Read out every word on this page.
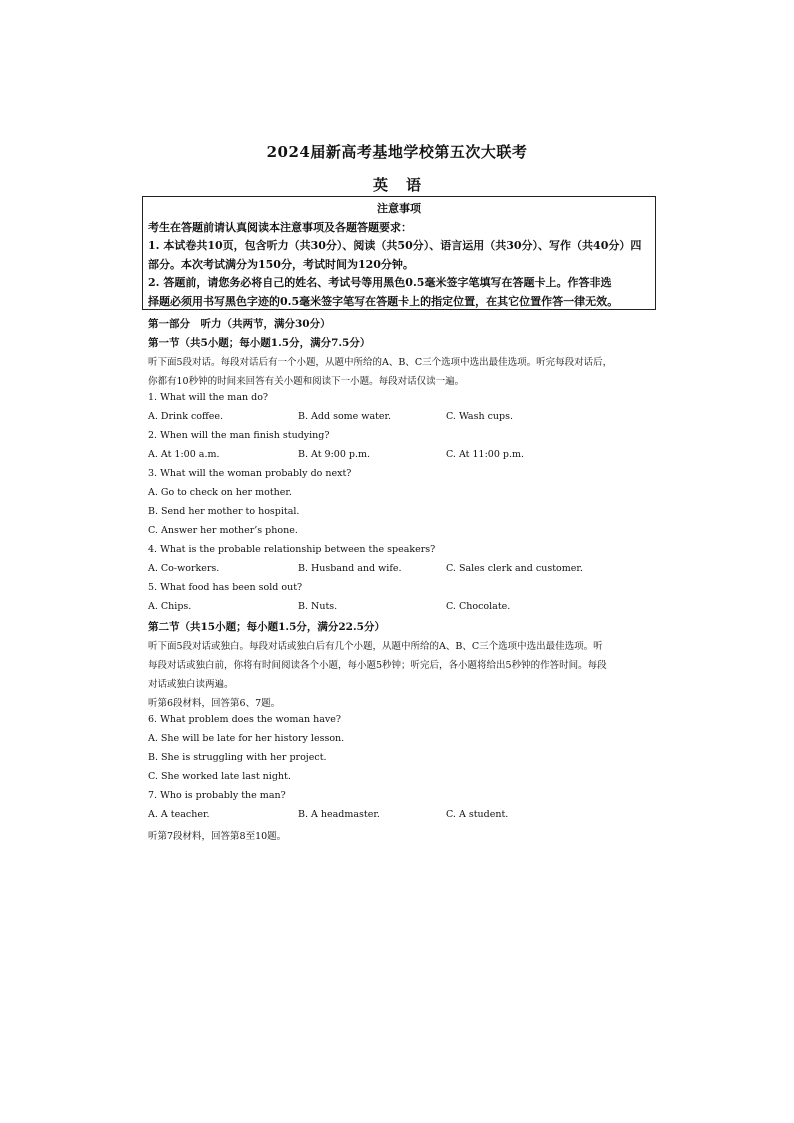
2024届新高考基地学校第五次大联考
英语

注意事项

考生在答题前请认真阅读本注意事项及各题答题要求：

1. 本试卷共10页，包含听力（共30分）、阅读（共50分）、语言运用（共30分）、写作（共40分）四

部分。本次考试满分为150分，考试时间为120分钟。

2. 答题前，请您务必将自己的姓名、考试号等用黑色0.5毫米签字笔填写在答题卡上。作答非选

择题必须用书写黑色字迹的0.5毫米签字笔写在答题卡上的指定位置，在其它位置作答一律无效。

第一部分　听力（共两节，满分30分）
第一节（共5小题；每小题1.5分，满分7.5分）
听下面5段对话。每段对话后有一个小题，从题中所给的A、B、C三个选项中选出最佳选项。听完每段对话后，
你都有10秒钟的时间来回答有关小题和阅读下一小题。每段对话仅读一遍。
1. What will the man do?
A. Drink coffee.	B. Add some water.	C. Wash cups.
2. When will the man finish studying?
A. At 1:00 a.m.	B. At 9:00 p.m.	C. At 11:00 p.m.
3. What will the woman probably do next?
A. Go to check on her mother.
B. Send her mother to hospital.
C. Answer her mother’s phone.
4. What is the probable relationship between the speakers?
A. Co-workers.	B. Husband and wife.	C. Sales clerk and customer.
5. What food has been sold out?
A. Chips.	B. Nuts.	C. Chocolate.
第二节（共15小题；每小题1.5分，满分22.5分）
听下面5段对话或独白。每段对话或独白后有几个小题，从题中所给的A、B、C三个选项中选出最佳选项。听
每段对话或独白前，你将有时间阅读各个小题，每小题5秒钟；听完后，各小题将给出5秒钟的作答时间。每段
对话或独白读两遍。
听第6段材料，回答第6、7题。
6. What problem does the woman have?
A. She will be late for her history lesson.
B. She is struggling with her project.
C. She worked late last night.
7. Who is probably the man?
A. A teacher.	B. A headmaster.	C. A student.
听第7段材料，回答第8至10题。
